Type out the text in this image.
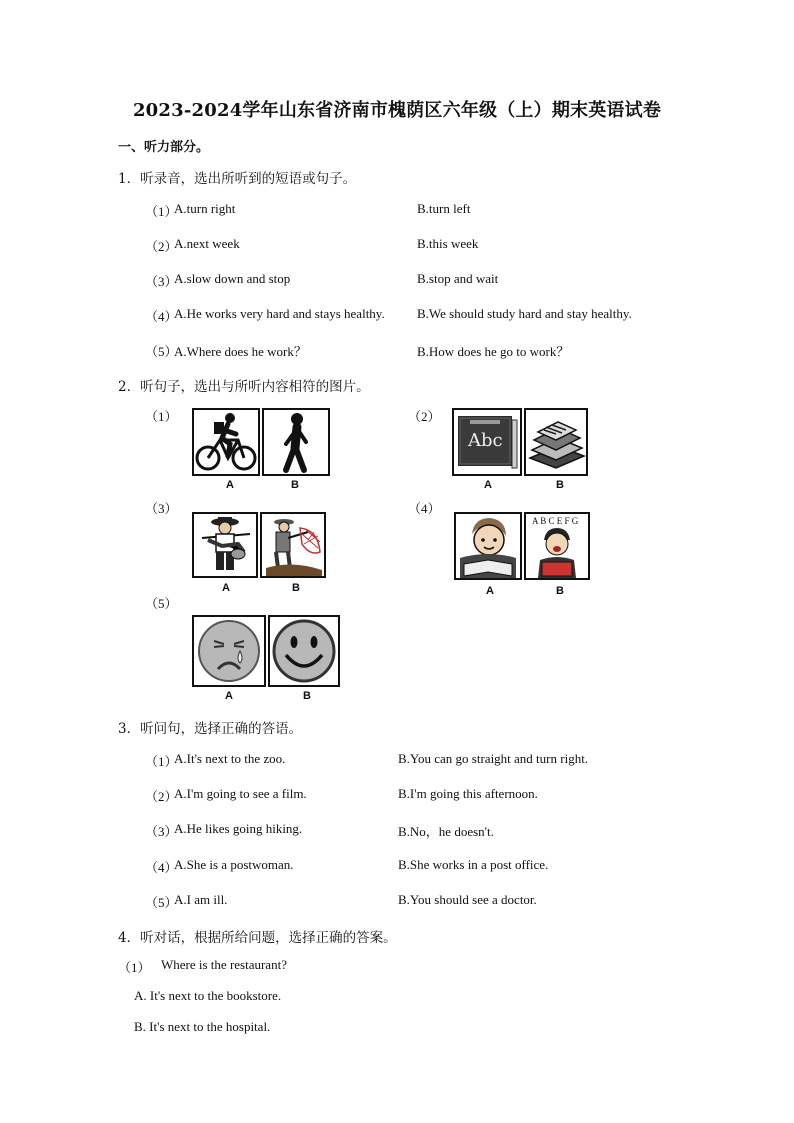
2023-2024学年山东省济南市槐荫区六年级（上）期末英语试卷
一、听力部分。
1．听录音，选出所听到的短语或句子。
（1）
A.turn right	B.turn left
（2）
A.next week	B.this week
（3）
A.slow down and stop	B.stop and wait
（4）
A.He works very hard and stays healthy. B.We should study hard and stay healthy.
（5）
A.Where does he work？	B.How does he go to work？
2．听句子，选出与所听内容相符的图片。
（1）
A	B
（2）
Abc
A	B
（3）
A	B
（4）
A B C E F G
A	B
（5）
A	B
3．听问句，选择正确的答语。
（1）
A.It's next to the zoo.	B.You can go straight and turn right.
（2）
A.I'm going to see a film.	B.I'm going this afternoon.
（3）
A.He likes going hiking.	B.No，he doesn't.
（4）
A.She is a postwoman.	B.She works in a post office.
（5）
A.I am ill.	B.You should see a doctor.
4．听对话，根据所给问题，选择正确的答案。
（1） Where is the restaurant?
A. It's next to the bookstore.
B. It's next to the hospital.
